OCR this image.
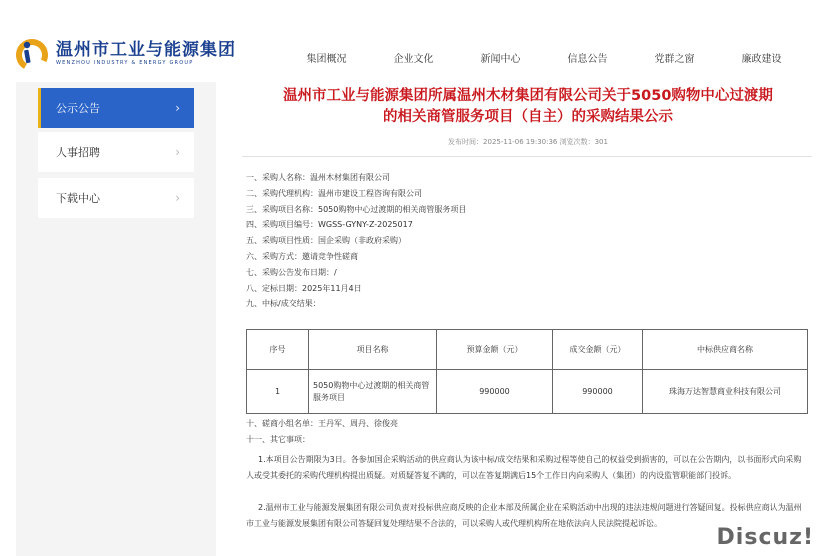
温州市工业与能源集团
WENZHOU INDUSTRY & ENERGY GROUP	集团概况	企业文化	新闻中心	信息公告	党群之窗	廉政建设
公示公告	›
人事招聘	›
下载中心	›
温州市工业与能源集团所属温州木材集团有限公司关于5050购物中心过渡期
的相关商管服务项目（自主）的采购结果公示
发布时间：2025-11-06 19:30:36 浏览次数：301
一、采购人名称：温州木材集团有限公司
二、采购代理机构：温州市建设工程咨询有限公司
三、采购项目名称：5050购物中心过渡期的相关商管服务项目
四、采购项目编号：WGSS-GYNY-Z-2025017
五、采购项目性质：国企采购（非政府采购）
六、采购方式：邀请竞争性磋商
七、采购公告发布日期：/
八、定标日期：2025年11月4日
九、中标/成交结果：
序号	项目名称	预算金额（元）	成交金额（元）	中标供应商名称
1	5050购物中心过渡期的相关商管服务项目	990000	990000	珠海万达智慧商业科技有限公司
十、磋商小组名单：王丹军、周丹、徐俊亮
十一、其它事项：
1.本项目公告期限为3日。各参加国企采购活动的供应商认为该中标/成交结果和采购过程等使自己的权益受到损害的，可以在公告期内，以书面形式向采购人或受其委托的采购代理机构提出质疑。对质疑答复不满的，可以在答复期满后15个工作日内向采购人（集团）的内设监管职能部门投诉。
2.温州市工业与能源发展集团有限公司负责对投标供应商反映的企业本部及所属企业在采购活动中出现的违法违规问题进行答疑回复。投标供应商认为温州市工业与能源发展集团有限公司答疑回复处理结果不合法的，可以采购人或代理机构所在地依法向人民法院提起诉讼。
Discuz!
